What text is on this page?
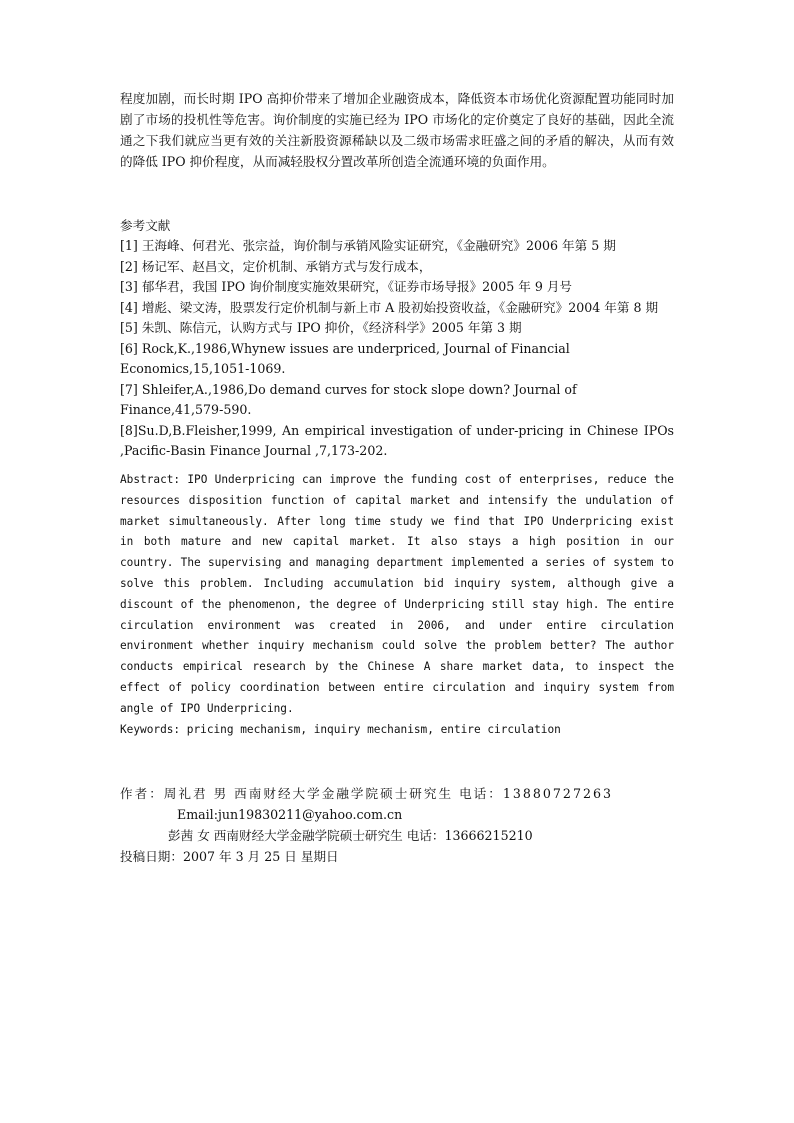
程度加剧，而长时期 IPO 高抑价带来了增加企业融资成本，降低资本市场优化资源配置功能同时加剧了市场的投机性等危害。询价制度的实施已经为 IPO 市场化的定价奠定了良好的基础，因此全流通之下我们就应当更有效的关注新股资源稀缺以及二级市场需求旺盛之间的矛盾的解决，从而有效的降低 IPO 抑价程度，从而减轻股权分置改革所创造全流通环境的负面作用。

参考文献
[1] 王海峰、何君光、张宗益，询价制与承销风险实证研究，《金融研究》2006 年第 5 期
[2] 杨记军、赵昌文，定价机制、承销方式与发行成本，
[3] 郁华君，我国 IPO 询价制度实施效果研究，《证券市场导报》2005 年 9 月号
[4] 增彪、梁文涛，股票发行定价机制与新上市 A 股初始投资收益，《金融研究》2004 年第 8 期
[5] 朱凯、陈信元，认购方式与 IPO 抑价，《经济科学》2005 年第 3 期
[6] Rock,K.,1986,Whynew issues are underpriced, Journal of Financial Economics,15,1051-1069.
[7] Shleifer,A.,1986,Do demand curves for stock slope down? Journal of Finance,41,579-590.
[8]Su.D,B.Fleisher,1999, An empirical investigation of under-pricing in Chinese IPOs ,Pacific-Basin Finance Journal ,7,173-202.
Abstract: IPO Underpricing can improve the funding cost of enterprises, reduce the resources disposition function of capital market and intensify the undulation of market simultaneously. After long time study we find that IPO Underpricing exist in both mature and new capital market. It also stays a high position in our country. The supervising and managing department implemented a series of system to solve this problem. Including accumulation bid inquiry system, although give a discount of the phenomenon, the degree of Underpricing still stay high. The entire circulation environment was created in 2006, and under entire circulation environment whether inquiry mechanism could solve the problem better? The author conducts empirical research by the Chinese A share market data, to inspect the effect of policy coordination between entire circulation and inquiry system from angle of IPO Underpricing.
Keywords: pricing mechanism, inquiry mechanism, entire circulation
作者：周礼君 男 西南财经大学金融学院硕士研究生 电话：13880727263
Email:jun19830211@yahoo.com.cn
彭茜 女 西南财经大学金融学院硕士研究生 电话：13666215210
投稿日期：2007 年 3 月 25 日 星期日
